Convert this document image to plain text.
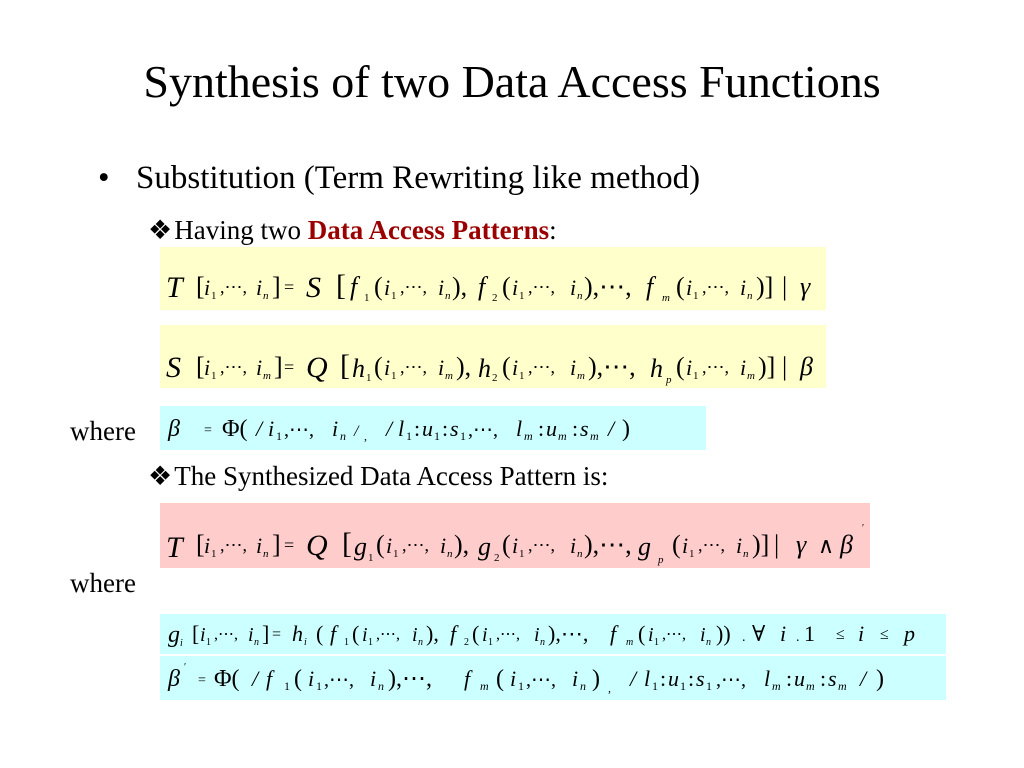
Synthesis of two Data Access Functions
• Substitution (Term Rewriting like method)
❖Having two Data Access Patterns:
T [ i 1 ,⋯, i n ] = S [ f 1 ( i 1 ,⋯, i n ), f 2 ( i 1 ,⋯, i n ),⋯, f m ( i 1 ,⋯, i n )] | γ
S [ i 1 ,⋯, i m ] = Q [ h 1 ( i 1 ,⋯, i m ), h 2 ( i 1 ,⋯, i m ),⋯, h p ( i 1 ,⋯, i m )] | β
where β = Φ( / i 1 ,⋯, i n / , / l 1 : u 1 : s 1 ,⋯, l m : u m : s m / )
❖The Synthesized Data Access Pattern is:
T [ i 1 ,⋯, i n ] = Q [ g 1 ( i 1 ,⋯, i n ), g 2 ( i 1 ,⋯, i n ),⋯, g p
( i 1 ,⋯, i n )] | γ ∧ β
′
where
g i [ i 1 ,⋯, i n ] = h i ( f 1 ( i 1 ,⋯, i n ), f 2 ( i 1 ,⋯, i n ),⋯, f m ( i 1 ,⋯, i n )) . ∀ i . 1 ≤ i ≤ p
β ′
= Φ( / f 1 ( i 1 ,⋯, i n ),⋯, f m ( i 1 ,⋯, i n ) , / l 1 : u 1 : s 1 ,⋯, l m : u m : s m / )
